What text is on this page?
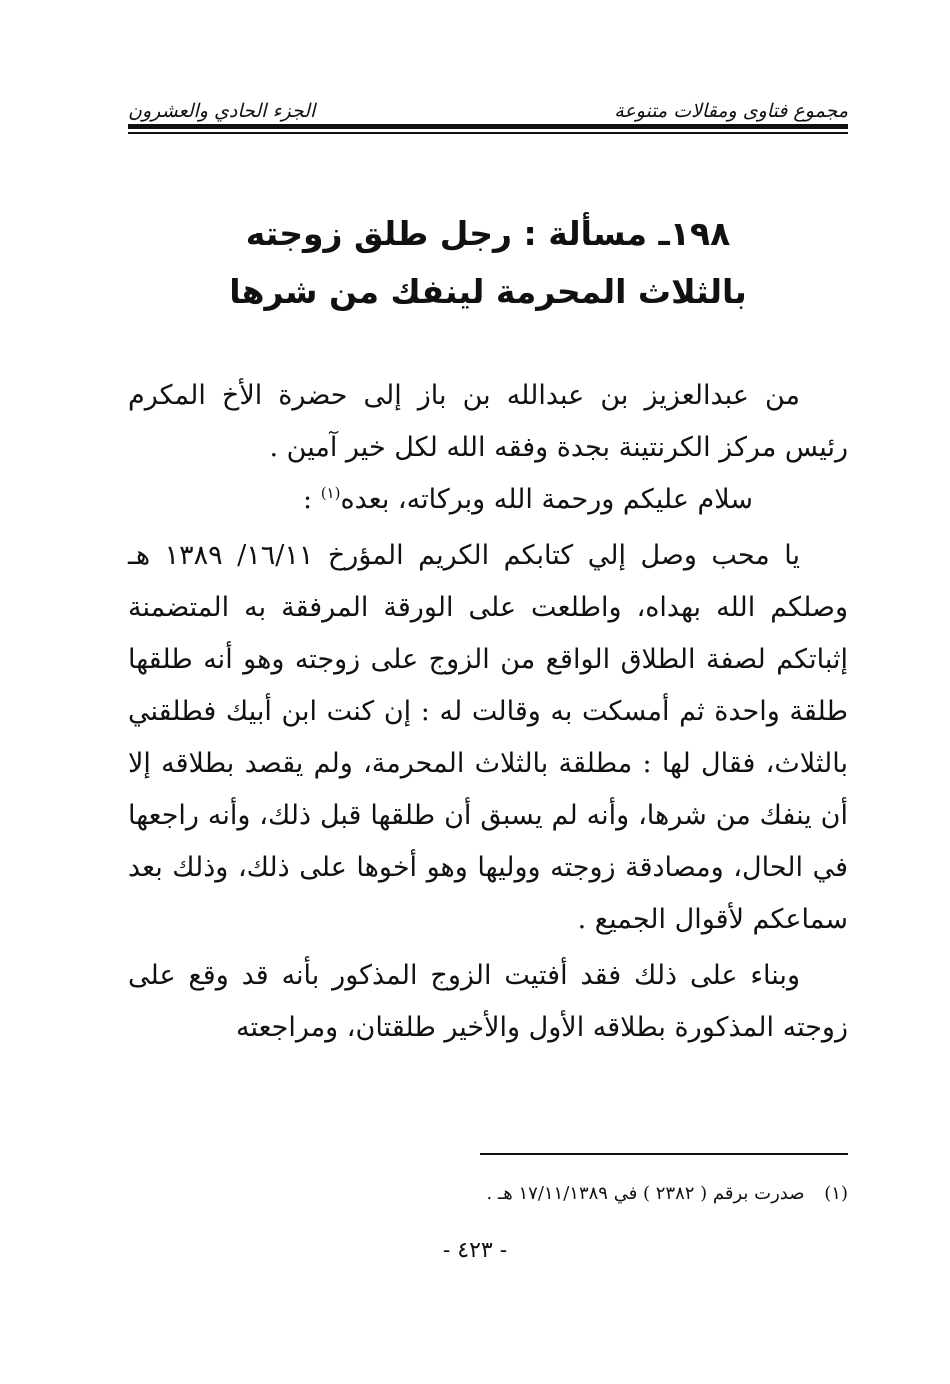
مجموع فتاوى ومقالات متنوعة
الجزء الحادي والعشرون
١٩٨ـ مسألة : رجل طلق زوجته
بالثلاث المحرمة لينفك من شرها

من عبدالعزيز بن عبدالله بن باز إلى حضرة الأخ المكرم رئيس مركز الكرنتينة بجدة وفقه الله لكل خير آمين .

سلام عليكم ورحمة الله وبركاته، بعده$^{(١)}$ :

يا محب وصل إلي كتابكم الكريم المؤرخ ١٦/١١/ ١٣٨٩ هـ وصلكم الله بهداه، واطلعت على الورقة المرفقة به المتضمنة إثباتكم لصفة الطلاق الواقع من الزوج على زوجته وهو أنه طلقها طلقة واحدة ثم أمسكت به وقالت له : إن كنت ابن أبيك فطلقني بالثلاث، فقال لها : مطلقة بالثلاث المحرمة، ولم يقصد بطلاقه إلا أن ينفك من شرها، وأنه لم يسبق أن طلقها قبل ذلك، وأنه راجعها في الحال، ومصادقة زوجته ووليها وهو أخوها على ذلك، وذلك بعد سماعكم لأقوال الجميع .

وبناء على ذلك فقد أفتيت الزوج المذكور بأنه قد وقع على زوجته المذكورة بطلاقه الأول والأخير طلقتان، ومراجعته

(١) صدرت برقم ( ٢٣٨٢ ) في ١٧/١١/١٣٨٩ هـ .
- ٤٢٣ -
